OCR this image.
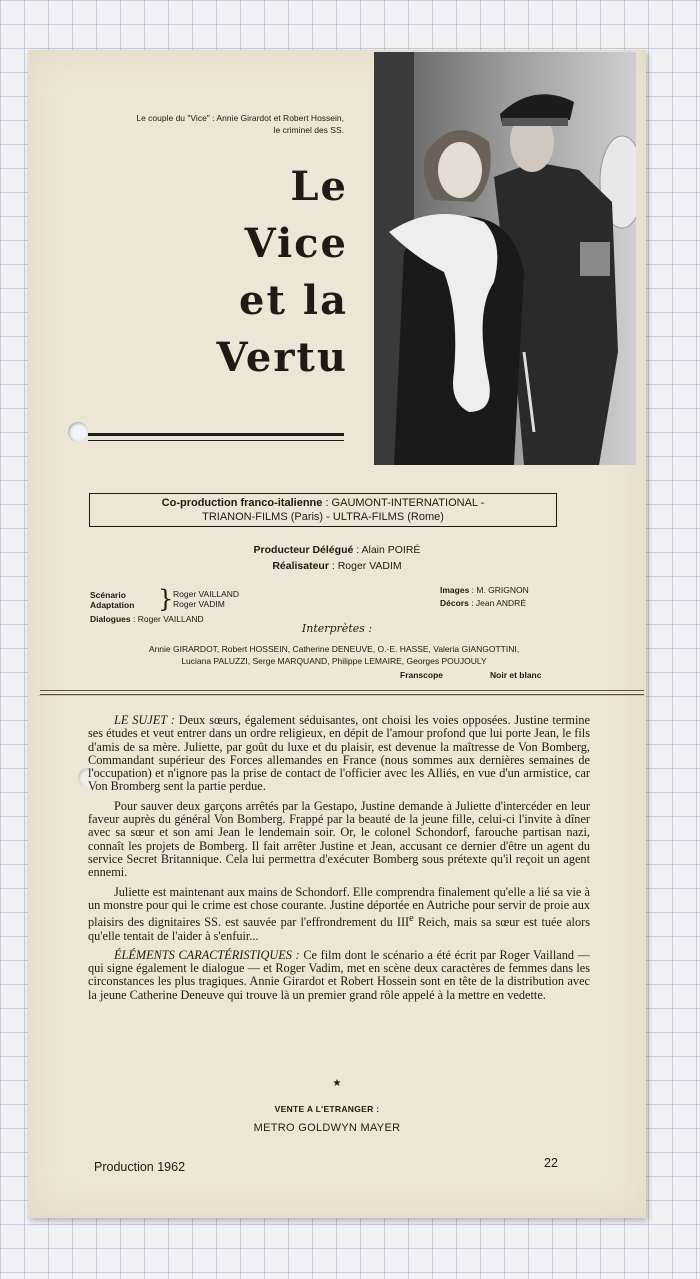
Le couple du "Vice" : Annie Girardot et Robert Hossein,
le criminel des SS.
Le
Vice
et la
Vertu
Co-production franco-italienne : GAUMONT-INTERNATIONAL -
TRIANON-FILMS (Paris) - ULTRA-FILMS (Rome)
Producteur Délégué : Alain POIRÉ
Réalisateur : Roger VADIM
Scénario
Adaptation } Roger VAILLAND
Roger VADIM
Dialogues : Roger VAILLAND
Images : M. GRIGNON
Décors : Jean ANDRÉ
Interprètes :
Annie GIRARDOT, Robert HOSSEIN, Catherine DENEUVE, O.-E. HASSE, Valeria GIANGOTTINI,
Luciana PALUZZI, Serge MARQUAND, Philippe LEMAIRE, Georges POUJOULY
Franscope	Noir et blanc

LE SUJET : Deux sœurs, également séduisantes, ont choisi les voies opposées. Justine termine ses études et veut entrer dans un ordre religieux, en dépit de l'amour profond que lui porte Jean, le fils d'amis de sa mère. Juliette, par goût du luxe et du plaisir, est devenue la maîtresse de Von Bomberg, Commandant supérieur des Forces allemandes en France (nous sommes aux dernières semaines de l'occupation) et n'ignore pas la prise de contact de l'officier avec les Alliés, en vue d'un armistice, car Von Bromberg sent la partie perdue.

Pour sauver deux garçons arrêtés par la Gestapo, Justine demande à Juliette d'intercéder en leur faveur auprès du général Von Bomberg. Frappé par la beauté de la jeune fille, celui-ci l'invite à dîner avec sa sœur et son ami Jean le lendemain soir. Or, le colonel Schondorf, farouche partisan nazi, connaît les projets de Bomberg. Il fait arrêter Justine et Jean, accusant ce dernier d'être un agent du service Secret Britannique. Cela lui permettra d'exécuter Bomberg sous prétexte qu'il reçoit un agent ennemi.

Juliette est maintenant aux mains de Schondorf. Elle comprendra finalement qu'elle a lié sa vie à un monstre pour qui le crime est chose courante. Justine déportée en Autriche pour servir de proie aux plaisirs des dignitaires SS. est sauvée par l'effrondrement du IIIe Reich, mais sa sœur est tuée alors qu'elle tentait de l'aider à s'enfuir...

ÉLÉMENTS CARACTÉRISTIQUES : Ce film dont le scénario a été écrit par Roger Vailland — qui signe également le dialogue — et Roger Vadim, met en scène deux caractères de femmes dans les circonstances les plus tragiques. Annie Girardot et Robert Hossein sont en tête de la distribution avec la jeune Catherine Deneuve qui trouve là un premier grand rôle appelé à la mettre en vedette.

★
VENTE A L'ETRANGER :
METRO GOLDWYN MAYER
Production 1962	22
